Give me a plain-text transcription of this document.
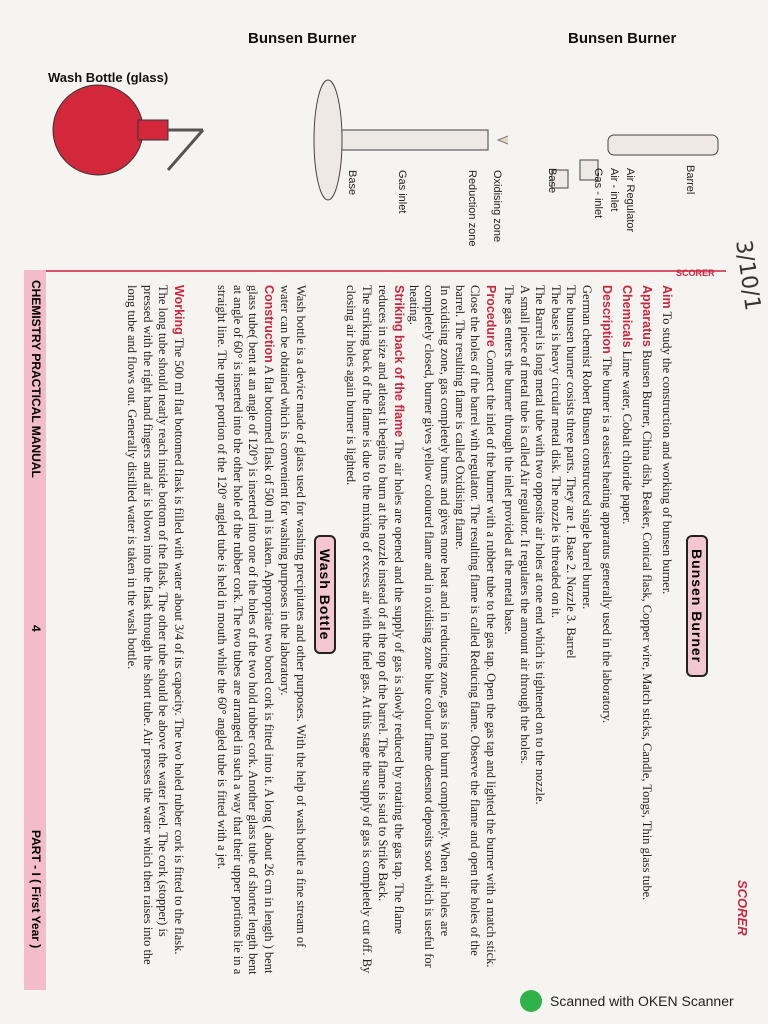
SCORER
3/10/1
SCORER
Barrel
Air Regulator
Air - inlet
Gas - inlet
Base
Bunsen Burner
Oxidising zone
Reduction zone
Gas inlet
Base
Bunsen Burner
Wash Bottle (glass)
Bunsen Burner
Aim To study the construction and working of bunsen burner.
Apparatus Bunsen Burner, China dish, Beaker, Conical flask, Copper wire, Match sticks, Candle, Tongs, Thin glass tube.
Chemicals Lime water, Cobalt chloride paper.
Description The burner is a easiest heating apparatus generally used in the laboratory.
German chemist Robert Bunsen constructed single barrel burner.
The bunsen burner cosists three parts. They are 1. Base 2. Nozzle 3. Barrel
The base is heavy circular metal disk. The nozzle is threaded on it.
The Barrel is long metal tube with two opposite air holes at one end which is tightened on to the nozzle.
A small piece of metal tube is called Air regulator. It regulates the amount air through the holes.
The gas enters the burner through the inlet provided at the metal base.
Procedure Connect the inlet of the burner with a rubber tube to the gas tap. Open the gas tap and lighted the burner with a match stick. Close the holes of the barrel with regulator. The resulting flame is called Reducing flame. Observe the flame and open the holes of the barrel. The resulting flame is called Oxidising flame.
In oxidising zone, gas completely burns and gives more heat and in reducing zone, gas is not burnt completely. When air holes are completely closed, burner gives yellow coloured flame and in oxidising zone blue colour flame doesnot deposits soot which is useful for heating.
Striking back of the flame The air holes are opened and the supply of gas is slowly reduced by rotating the gas tap. The flame reduces in size and atleast it begins to burn at the nozzle instead of at the top of the barrel. The flame is said to Strike Back.
The striking back of the flame is due to the mixing of excess air with the fuel gas. At this stage the supply of gas is completely cut off. By closing air holes again burner is lighted.
Wash Bottle
Wash bottle is a device made of glass used for washing precipitates and other purposes. With the help of wash bottle a fine stream of water can be obtained which is convenient for washing purposes in the laboratory.
Construction A flat bottomed flask of 500 ml is taken. Appropriate two bored cork is fitted into it. A long ( about 26 cm in length ) bent glass tube( bent at an angle of 120°) is inserted into one of the holes of the two hold rubber cork. Another glass tube of shorter length bent at angle of 60° is inserted into the other hole of the rubber cork. The two tubes are arranged in such a way that their upper portions lie in a straight line. The upper portion of the 120° angled tube is held in mouth while the 60° angled tube is fitted with a jet.
Working The 500 ml flat bottomed flask is filled with water about 3/4 of its capacity. The two holed rubber cork is fitted to the flask. The long tube should nearly reach inside bottom of the flask. The other tube should be above the water level. The cork (stopper) is pressed with the right hand fingers and air is blown into the flask through the short tube. Air presses the water which then raises into the long tube and flows out. Generally distilled water is taken in the wash bottle.
CHEMISTRY PRACTICAL MANUAL
4
PART - I ( First Year )
Scanned with OKEN Scanner
